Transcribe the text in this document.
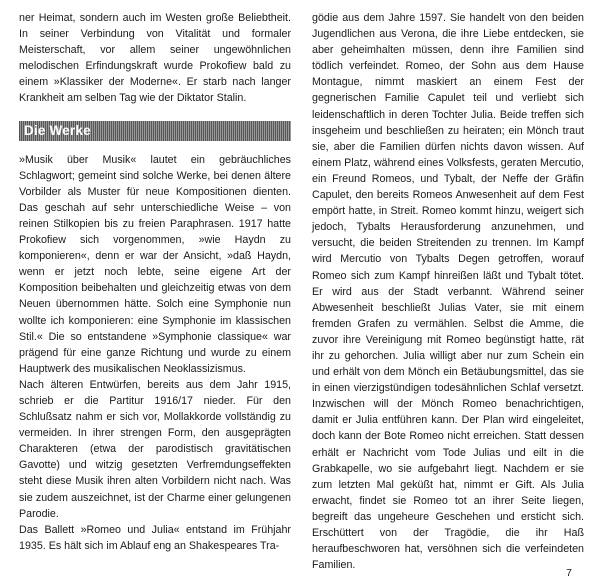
ner Heimat, sondern auch im Westen große Beliebtheit. In seiner Verbindung von Vitalität und formaler Meisterschaft, vor allem seiner ungewöhnlichen melodischen Erfindungskraft wurde Prokofiew bald zu einem »Klassiker der Moderne«. Er starb nach langer Krankheit am selben Tag wie der Diktator Stalin.

Die Werke

»Musik über Musik« lautet ein gebräuchliches Schlagwort; gemeint sind solche Werke, bei denen ältere Vorbilder als Muster für neue Kompositionen dienten. Das geschah auf sehr unterschiedliche Weise – von reinen Stilkopien bis zu freien Paraphrasen. 1917 hatte Prokofiew sich vorgenommen, »wie Haydn zu komponieren«, denn er war der Ansicht, »daß Haydn, wenn er jetzt noch lebte, seine eigene Art der Komposition beibehalten und gleichzeitig etwas von dem Neuen übernommen hätte. Solch eine Symphonie nun wollte ich komponieren: eine Symphonie im klassischen Stil.« Die so entstandene »Symphonie classique« war prägend für eine ganze Richtung und wurde zu einem Hauptwerk des musikalischen Neoklassizismus.

Nach älteren Entwürfen, bereits aus dem Jahr 1915, schrieb er die Partitur 1916/17 nieder. Für den Schlußsatz nahm er sich vor, Mollakkorde vollständig zu vermeiden. In ihrer strengen Form, den ausgeprägten Charakteren (etwa der parodistisch gravitätischen Gavotte) und witzig gesetzten Verfremdungseffekten steht diese Musik ihren alten Vorbildern nicht nach. Was sie zudem auszeichnet, ist der Charme einer gelungenen Parodie.

Das Ballett »Romeo und Julia« entstand im Frühjahr 1935. Es hält sich im Ablauf eng an Shakespeares Tra-

gödie aus dem Jahre 1597. Sie handelt von den beiden Jugendlichen aus Verona, die ihre Liebe entdecken, sie aber geheimhalten müssen, denn ihre Familien sind tödlich verfeindet. Romeo, der Sohn aus dem Hause Montague, nimmt maskiert an einem Fest der gegnerischen Familie Capulet teil und verliebt sich leidenschaftlich in deren Tochter Julia. Beide treffen sich insgeheim und beschließen zu heiraten; ein Mönch traut sie, aber die Familien dürfen nichts davon wissen. Auf einem Platz, während eines Volksfests, geraten Mercutio, ein Freund Romeos, und Tybalt, der Neffe der Gräfin Capulet, den bereits Romeos Anwesenheit auf dem Fest empört hatte, in Streit. Romeo kommt hinzu, weigert sich jedoch, Tybalts Herausforderung anzunehmen, und versucht, die beiden Streitenden zu trennen. Im Kampf wird Mercutio von Tybalts Degen getroffen, worauf Romeo sich zum Kampf hinreißen läßt und Tybalt tötet. Er wird aus der Stadt verbannt. Während seiner Abwesenheit beschließt Julias Vater, sie mit einem fremden Grafen zu vermählen. Selbst die Amme, die zuvor ihre Vereinigung mit Romeo begünstigt hatte, rät ihr zu gehorchen. Julia willigt aber nur zum Schein ein und erhält von dem Mönch ein Betäubungsmittel, das sie in einen vierzigstündigen todesähnlichen Schlaf versetzt. Inzwischen will der Mönch Romeo benachrichtigen, damit er Julia entführen kann. Der Plan wird eingeleitet, doch kann der Bote Romeo nicht erreichen. Statt dessen erhält er Nachricht vom Tode Julias und eilt in die Grabkapelle, wo sie aufgebahrt liegt. Nachdem er sie zum letzten Mal geküßt hat, nimmt er Gift. Als Julia erwacht, findet sie Romeo tot an ihrer Seite liegen, begreift das ungeheure Geschehen und ersticht sich. Erschüttert von der Tragödie, die ihr Haß heraufbeschworen hat, versöhnen sich die verfeindeten Familien.

7
